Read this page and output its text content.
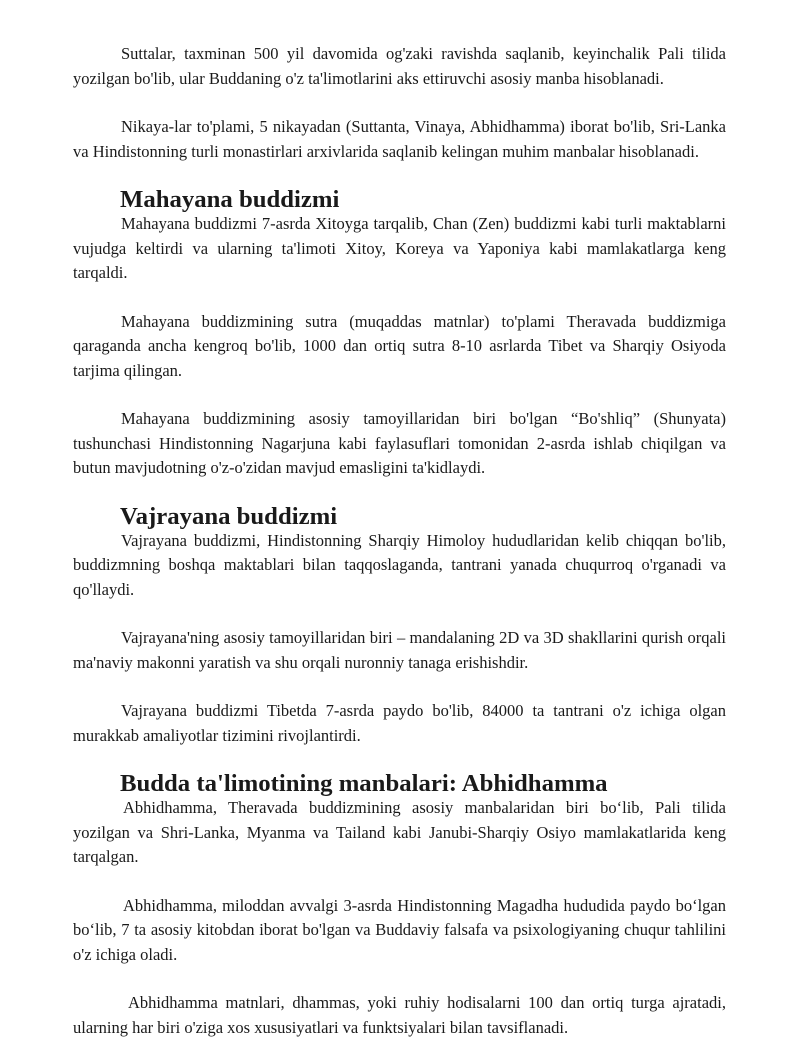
Suttalar, taxminan 500 yil davomida og'zaki ravishda saqlanib, keyinchalik Pali tilida yozilgan bo'lib, ular Buddaning o'z ta'limotlarini aks ettiruvchi asosiy manba hisoblanadi.

Nikaya-lar to'plami, 5 nikayadan (Suttanta, Vinaya, Abhidhamma) iborat bo'lib, Sri-Lanka va Hindistonning turli monastirlari arxivlarida saqlanib kelingan muhim manbalar hisoblanadi.

Mahayana buddizmi

Mahayana buddizmi 7-asrda Xitoyga tarqalib, Chan (Zen) buddizmi kabi turli maktablarni vujudga keltirdi va ularning ta'limoti Xitoy, Koreya va Yaponiya kabi mamlakatlarga keng tarqaldi.

Mahayana buddizmining sutra (muqaddas matnlar) to'plami Theravada buddizmiga qaraganda ancha kengroq bo'lib, 1000 dan ortiq sutra 8-10 asrlarda Tibet va Sharqiy Osiyoda tarjima qilingan.

Mahayana buddizmining asosiy tamoyillaridan biri bo'lgan “Bo'shliq” (Shunyata) tushunchasi Hindistonning Nagarjuna kabi faylasuflari tomonidan 2-asrda ishlab chiqilgan va butun mavjudotning o'z-o'zidan mavjud emasligini ta'kidlaydi.

Vajrayana buddizmi

Vajrayana buddizmi, Hindistonning Sharqiy Himoloy hududlaridan kelib chiqqan bo'lib, buddizmning boshqa maktablari bilan taqqoslaganda, tantrani yanada chuqurroq o'rganadi va qo'llaydi.

Vajrayana'ning asosiy tamoyillaridan biri – mandalaning 2D va 3D shakllarini qurish orqali ma'naviy makonni yaratish va shu orqali nuronniy tanaga erishishdir.

Vajrayana buddizmi Tibetda 7-asrda paydo bo'lib, 84000 ta tantrani o'z ichiga olgan murakkab amaliyotlar tizimini rivojlantirdi.

Budda ta'limotining manbalari: Abhidhamma

Abhidhamma, Theravada buddizmining asosiy manbalaridan biri bo‘lib, Pali tilida yozilgan va Shri-Lanka, Myanma va Tailand kabi Janubi-Sharqiy Osiyo mamlakatlarida keng tarqalgan.

Abhidhamma, miloddan avvalgi 3-asrda Hindistonning Magadha hududida paydo bo‘lgan bo‘lib, 7 ta asosiy kitobdan iborat bo'lgan va Buddaviy falsafa va psixologiyaning chuqur tahlilini o'z ichiga oladi.

Abhidhamma matnlari, dhammas, yoki ruhiy hodisalarni 100 dan ortiq turga ajratadi, ularning har biri o'ziga xos xususiyatlari va funktsiyalari bilan tavsiflanadi.
